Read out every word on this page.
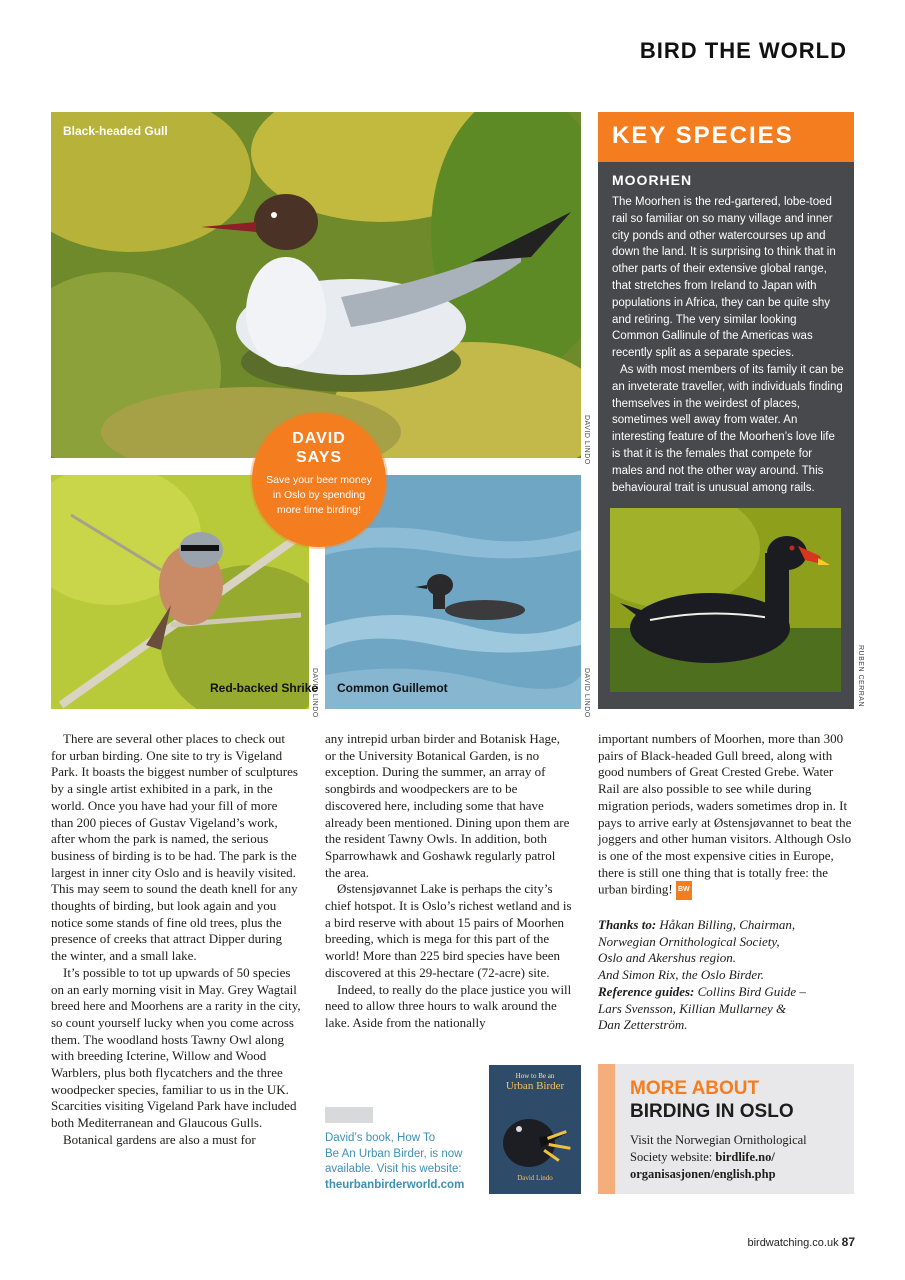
BIRD THE WORLD
Black-headed Gull
DAVID LINDO
Red-backed Shrike
DAVID LINDO Common Guillemot	DAVID LINDO
DAVID
SAYS
Save your beer money in Oslo by spending more time birding!
KEY SPECIES
MOORHEN

The Moorhen is the red-gartered, lobe-toed rail so familiar on so many village and inner city ponds and other watercourses up and down the land. It is surprising to think that in other parts of their extensive global range, that stretches from Ireland to Japan with populations in Africa, they can be quite shy and retiring. The very similar looking Common Gallinule of the Americas was recently split as a separate species.

As with most members of its family it can be an inveterate traveller, with individuals finding themselves in the weirdest of places, sometimes well away from water. An interesting feature of the Moorhen’s love life is that it is the females that compete for males and not the other way around. This behavioural trait is unusual among rails.

RUBEN CERRAN

There are several other places to check out for urban birding. One site to try is Vigeland Park. It boasts the biggest number of sculptures by a single artist exhibited in a park, in the world. Once you have had your fill of more than 200 pieces of Gustav Vigeland’s work, after whom the park is named, the serious business of birding is to be had. The park is the largest in inner city Oslo and is heavily visited. This may seem to sound the death knell for any thoughts of birding, but look again and you notice some stands of fine old trees, plus the presence of creeks that attract Dipper during the winter, and a small lake.

It’s possible to tot up upwards of 50 species on an early morning visit in May. Grey Wagtail breed here and Moorhens are a rarity in the city, so count yourself lucky when you come across them. The woodland hosts Tawny Owl along with breeding Icterine, Willow and Wood Warblers, plus both flycatchers and the three woodpecker species, familiar to us in the UK. Scarcities visiting Vigeland Park have included both Mediterranean and Glaucous Gulls.

Botanical gardens are also a must for

any intrepid urban birder and Botanisk Hage, or the University Botanical Garden, is no exception. During the summer, an array of songbirds and woodpeckers are to be discovered here, including some that have already been mentioned. Dining upon them are the resident Tawny Owls. In addition, both Sparrowhawk and Goshawk regularly patrol the area.

Østensjøvannet Lake is perhaps the city’s chief hotspot. It is Oslo’s richest wetland and is a bird reserve with about 15 pairs of Moorhen breeding, which is mega for this part of the world! More than 225 bird species have been discovered at this 29-hectare (72-acre) site.

Indeed, to really do the place justice you will need to allow three hours to walk around the lake. Aside from the nationally

important numbers of Moorhen, more than 300 pairs of Black-headed Gull breed, along with good numbers of Great Crested Grebe. Water Rail are also possible to see while during migration periods, waders sometimes drop in. It pays to arrive early at Østensjøvannet to beat the joggers and other human visitors. Although Oslo is one of the most expensive cities in Europe, there is still one thing that is totally free: the urban birding! BW

Thanks to: Håkan Billing, Chairman,
Norwegian Ornithological Society,
Oslo and Akershus region.
And Simon Rix, the Oslo Birder.
Reference guides: Collins Bird Guide –
Lars Svensson, Killian Mullarney &
Dan Zetterström.
David’s book, How To
Be An Urban Birder, is now
available. Visit his website:
theurbanbirderworld.com
How to Be an
Urban Birder
David Lindo
MORE ABOUT
BIRDING IN OSLO
Visit the Norwegian Ornithological Society website: birdlife.no/ organisasjonen/english.php
birdwatching.co.uk 87
